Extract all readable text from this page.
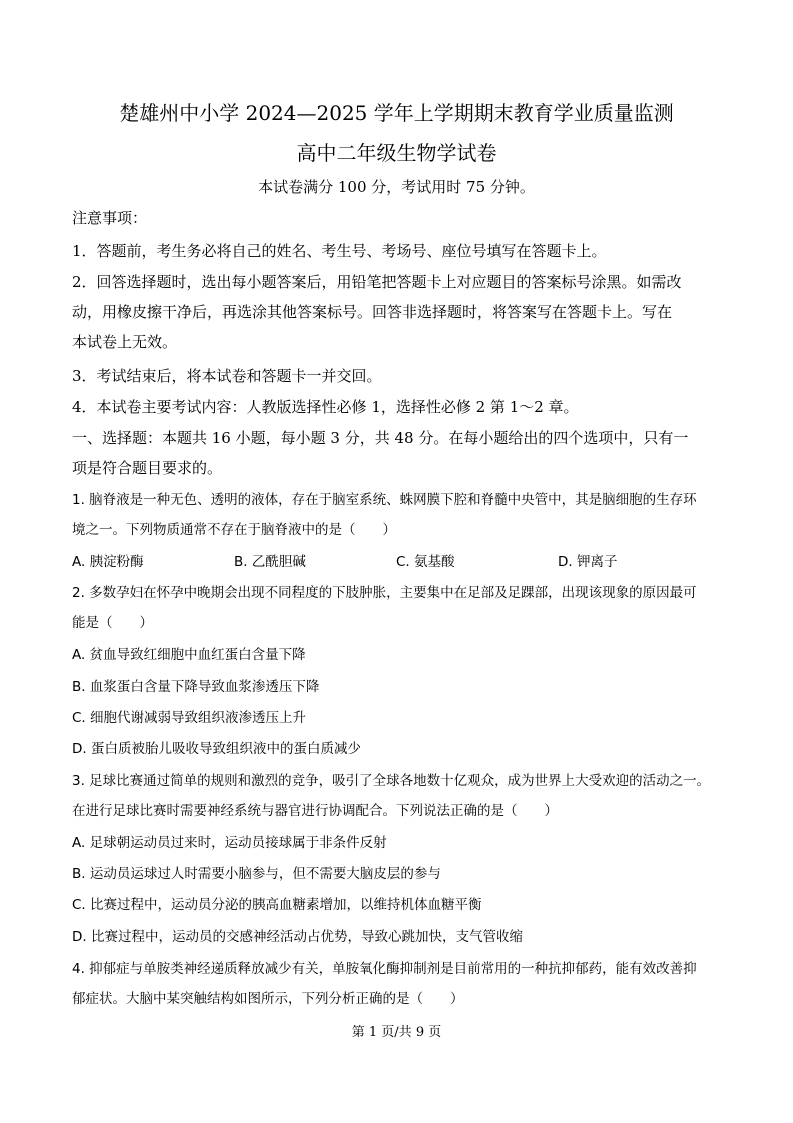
楚雄州中小学 2024—2025 学年上学期期末教育学业质量监测
高中二年级生物学试卷
本试卷满分 100 分，考试用时 75 分钟。
注意事项：
1．答题前，考生务必将自己的姓名、考生号、考场号、座位号填写在答题卡上。
2．回答选择题时，选出每小题答案后，用铅笔把答题卡上对应题目的答案标号涂黑。如需改
动，用橡皮擦干净后，再选涂其他答案标号。回答非选择题时，将答案写在答题卡上。写在
本试卷上无效。
3．考试结束后，将本试卷和答题卡一并交回。
4．本试卷主要考试内容：人教版选择性必修 1，选择性必修 2 第 1～2 章。
一、选择题：本题共 16 小题，每小题 3 分，共 48 分。在每小题给出的四个选项中，只有一
项是符合题目要求的。
1. 脑脊液是一种无色、透明的液体，存在于脑室系统、蛛网膜下腔和脊髓中央管中，其是脑细胞的生存环
境之一。下列物质通常不存在于脑脊液中的是（　　）
A. 胰淀粉酶	B. 乙酰胆碱	C. 氨基酸	D. 钾离子
2. 多数孕妇在怀孕中晚期会出现不同程度的下肢肿胀，主要集中在足部及足踝部，出现该现象的原因最可
能是（　　）
A. 贫血导致红细胞中血红蛋白含量下降
B. 血浆蛋白含量下降导致血浆渗透压下降
C. 细胞代谢减弱导致组织液渗透压上升
D. 蛋白质被胎儿吸收导致组织液中的蛋白质减少
3. 足球比赛通过简单的规则和激烈的竞争，吸引了全球各地数十亿观众，成为世界上大受欢迎的活动之一。
在进行足球比赛时需要神经系统与器官进行协调配合。下列说法正确的是（　　）
A. 足球朝运动员过来时，运动员接球属于非条件反射
B. 运动员运球过人时需要小脑参与，但不需要大脑皮层的参与
C. 比赛过程中，运动员分泌的胰高血糖素增加，以维持机体血糖平衡
D. 比赛过程中，运动员的交感神经活动占优势，导致心跳加快，支气管收缩
4. 抑郁症与单胺类神经递质释放减少有关，单胺氧化酶抑制剂是目前常用的一种抗抑郁药，能有效改善抑
郁症状。大脑中某突触结构如图所示，下列分析正确的是（　　）
第 1 页/共 9 页
